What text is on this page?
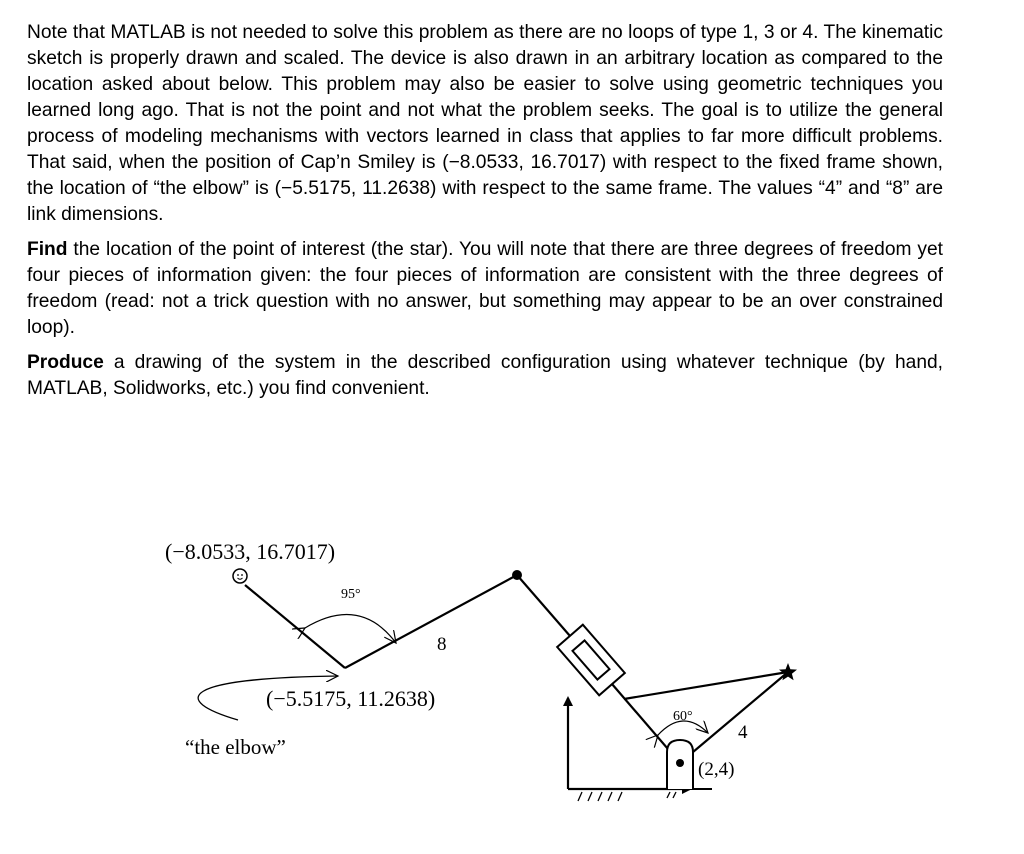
Note that MATLAB is not needed to solve this problem as there are no loops of type 1, 3 or 4. The kinematic sketch is properly drawn and scaled. The device is also drawn in an arbitrary location as compared to the location asked about below. This problem may also be easier to solve using geometric techniques you learned long ago. That is not the point and not what the problem seeks. The goal is to utilize the general process of modeling mechanisms with vectors learned in class that applies to far more difficult problems. That said, when the position of Cap’n Smiley is (−8.0533, 16.7017) with respect to the fixed frame shown, the location of “the elbow” is (−5.5175, 11.2638) with respect to the same frame. The values “4” and “8” are link dimensions.

Find the location of the point of interest (the star). You will note that there are three degrees of freedom yet four pieces of information given: the four pieces of information are consistent with the three degrees of freedom (read: not a trick question with no answer, but something may appear to be an over constrained loop).

Produce a drawing of the system in the described configuration using whatever technique (by hand, MATLAB, Solidworks, etc.) you find convenient.

95°
8
(−8.0533, 16.7017)
(−5.5175, 11.2638)
“the elbow”
60°
4
(2,4)
